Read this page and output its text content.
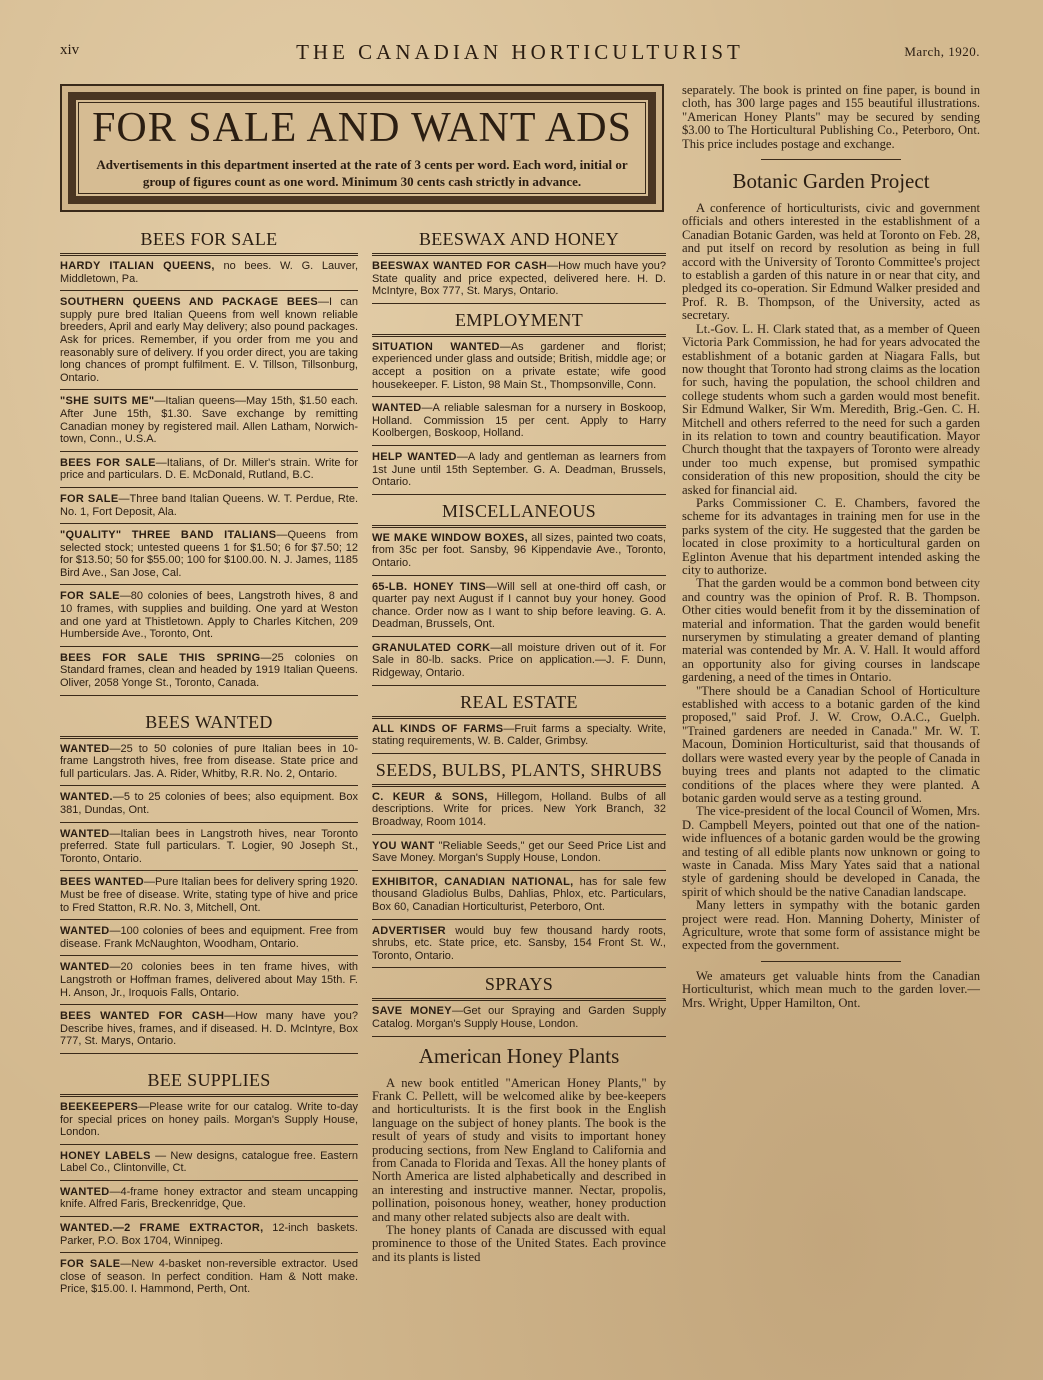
xiv	THE CANADIAN HORTICULTURIST	March, 1920.
FOR SALE AND WANT ADS
Advertisements in this department inserted at the rate of 3 cents per word. Each word, initial or group of figures count as one word. Minimum 30 cents cash strictly in advance.
BEES FOR SALE
HARDY ITALIAN QUEENS, no bees. W. G. Lauver, Middletown, Pa.
SOUTHERN QUEENS AND PACKAGE BEES—I can supply pure bred Italian Queens from well known reliable breeders, April and early May delivery; also pound packages. Ask for prices. Remember, if you order from me you and reasonably sure of delivery. If you order direct, you are taking long chances of prompt fulfilment. E. V. Tillson, Tillsonburg, Ontario.
"SHE SUITS ME"—Italian queens—May 15th, $1.50 each. After June 15th, $1.30. Save exchange by remitting Canadian money by registered mail. Allen Latham, Norwich-town, Conn., U.S.A.
BEES FOR SALE—Italians, of Dr. Miller's strain. Write for price and particulars. D. E. McDonald, Rutland, B.C.
FOR SALE—Three band Italian Queens. W. T. Perdue, Rte. No. 1, Fort Deposit, Ala.
"QUALITY" THREE BAND ITALIANS—Queens from selected stock; untested queens 1 for $1.50; 6 for $7.50; 12 for $13.50; 50 for $55.00; 100 for $100.00. N. J. James, 1185 Bird Ave., San Jose, Cal.
FOR SALE—80 colonies of bees, Langstroth hives, 8 and 10 frames, with supplies and building. One yard at Weston and one yard at Thistletown. Apply to Charles Kitchen, 209 Humberside Ave., Toronto, Ont.
BEES FOR SALE THIS SPRING—25 colonies on Standard frames, clean and headed by 1919 Italian Queens. Oliver, 2058 Yonge St., Toronto, Canada.
BEES WANTED
WANTED—25 to 50 colonies of pure Italian bees in 10-frame Langstroth hives, free from disease. State price and full particulars. Jas. A. Rider, Whitby, R.R. No. 2, Ontario.
WANTED.—5 to 25 colonies of bees; also equipment. Box 381, Dundas, Ont.
WANTED—Italian bees in Langstroth hives, near Toronto preferred. State full particulars. T. Logier, 90 Joseph St., Toronto, Ontario.
BEES WANTED—Pure Italian bees for delivery spring 1920. Must be free of disease. Write, stating type of hive and price to Fred Statton, R.R. No. 3, Mitchell, Ont.
WANTED—100 colonies of bees and equipment. Free from disease. Frank McNaughton, Woodham, Ontario.
WANTED—20 colonies bees in ten frame hives, with Langstroth or Hoffman frames, delivered about May 15th. F. H. Anson, Jr., Iroquois Falls, Ontario.
BEES WANTED FOR CASH—How many have you? Describe hives, frames, and if diseased. H. D. McIntyre, Box 777, St. Marys, Ontario.
BEE SUPPLIES
BEEKEEPERS—Please write for our catalog. Write to-day for special prices on honey pails. Morgan's Supply House, London.
HONEY LABELS — New designs, catalogue free. Eastern Label Co., Clintonville, Ct.
WANTED—4-frame honey extractor and steam uncapping knife. Alfred Faris, Breckenridge, Que.
WANTED.—2 FRAME EXTRACTOR, 12-inch baskets. Parker, P.O. Box 1704, Winnipeg.
FOR SALE—New 4-basket non-reversible extractor. Used close of season. In perfect condition. Ham & Nott make. Price, $15.00. I. Hammond, Perth, Ont.
BEESWAX AND HONEY
BEESWAX WANTED FOR CASH—How much have you? State quality and price expected, delivered here. H. D. McIntyre, Box 777, St. Marys, Ontario.
EMPLOYMENT
SITUATION WANTED—As gardener and florist; experienced under glass and outside; British, middle age; or accept a position on a private estate; wife good housekeeper. F. Liston, 98 Main St., Thompsonville, Conn.
WANTED—A reliable salesman for a nursery in Boskoop, Holland. Commission 15 per cent. Apply to Harry Koolbergen, Boskoop, Holland.
HELP WANTED—A lady and gentleman as learners from 1st June until 15th September. G. A. Deadman, Brussels, Ontario.
MISCELLANEOUS
WE MAKE WINDOW BOXES, all sizes, painted two coats, from 35c per foot. Sansby, 96 Kippendavie Ave., Toronto, Ontario.
65-LB. HONEY TINS—Will sell at one-third off cash, or quarter pay next August if I cannot buy your honey. Good chance. Order now as I want to ship before leaving. G. A. Deadman, Brussels, Ont.
GRANULATED CORK—all moisture driven out of it. For Sale in 80-lb. sacks. Price on application.—J. F. Dunn, Ridgeway, Ontario.
REAL ESTATE
ALL KINDS OF FARMS—Fruit farms a specialty. Write, stating requirements, W. B. Calder, Grimbsy.
SEEDS, BULBS, PLANTS, SHRUBS
C. KEUR & SONS, Hillegom, Holland. Bulbs of all descriptions. Write for prices. New York Branch, 32 Broadway, Room 1014.
YOU WANT "Reliable Seeds," get our Seed Price List and Save Money. Morgan's Supply House, London.
EXHIBITOR, CANADIAN NATIONAL, has for sale few thousand Gladiolus Bulbs, Dahlias, Phlox, etc. Particulars, Box 60, Canadian Horticulturist, Peterboro, Ont.
ADVERTISER would buy few thousand hardy roots, shrubs, etc. State price, etc. Sansby, 154 Front St. W., Toronto, Ontario.
SPRAYS
SAVE MONEY—Get our Spraying and Garden Supply Catalog. Morgan's Supply House, London.
American Honey Plants

A new book entitled "American Honey Plants," by Frank C. Pellett, will be welcomed alike by bee-keepers and horticulturists. It is the first book in the English language on the subject of honey plants. The book is the result of years of study and visits to important honey producing sections, from New England to California and from Canada to Florida and Texas. All the honey plants of North America are listed alphabetically and described in an interesting and instructive manner. Nectar, propolis, pollination, poisonous honey, weather, honey production and many other related subjects also are dealt with.

The honey plants of Canada are discussed with equal prominence to those of the United States. Each province and its plants is listed

separately. The book is printed on fine paper, is bound in cloth, has 300 large pages and 155 beautiful illustrations. "American Honey Plants" may be secured by sending $3.00 to The Horticultural Publishing Co., Peterboro, Ont. This price includes postage and exchange.

Botanic Garden Project

A conference of horticulturists, civic and government officials and others interested in the establishment of a Canadian Botanic Garden, was held at Toronto on Feb. 28, and put itself on record by resolution as being in full accord with the University of Toronto Committee's project to establish a garden of this nature in or near that city, and pledged its co-operation. Sir Edmund Walker presided and Prof. R. B. Thompson, of the University, acted as secretary.

Lt.-Gov. L. H. Clark stated that, as a member of Queen Victoria Park Commission, he had for years advocated the establishment of a botanic garden at Niagara Falls, but now thought that Toronto had strong claims as the location for such, having the population, the school children and college students whom such a garden would most benefit. Sir Edmund Walker, Sir Wm. Meredith, Brig.-Gen. C. H. Mitchell and others referred to the need for such a garden in its relation to town and country beautification. Mayor Church thought that the taxpayers of Toronto were already under too much expense, but promised sympathic consideration of this new proposition, should the city be asked for financial aid.

Parks Commissioner C. E. Chambers, favored the scheme for its advantages in training men for use in the parks system of the city. He suggested that the garden be located in close proximity to a horticultural garden on Eglinton Avenue that his department intended asking the city to authorize.

That the garden would be a common bond between city and country was the opinion of Prof. R. B. Thompson. Other cities would benefit from it by the dissemination of material and information. That the garden would benefit nurserymen by stimulating a greater demand of planting material was contended by Mr. A. V. Hall. It would afford an opportunity also for giving courses in landscape gardening, a need of the times in Ontario.

"There should be a Canadian School of Horticulture established with access to a botanic garden of the kind proposed," said Prof. J. W. Crow, O.A.C., Guelph. "Trained gardeners are needed in Canada." Mr. W. T. Macoun, Dominion Horticulturist, said that thousands of dollars were wasted every year by the people of Canada in buying trees and plants not adapted to the climatic conditions of the places where they were planted. A botanic garden would serve as a testing ground.

The vice-president of the local Council of Women, Mrs. D. Campbell Meyers, pointed out that one of the nation-wide influences of a botanic garden would be the growing and testing of all edible plants now unknown or going to waste in Canada. Miss Mary Yates said that a national style of gardening should be developed in Canada, the spirit of which should be the native Canadian landscape.

Many letters in sympathy with the botanic garden project were read. Hon. Manning Doherty, Minister of Agriculture, wrote that some form of assistance might be expected from the government.

We amateurs get valuable hints from the Canadian Horticulturist, which mean much to the garden lover.—Mrs. Wright, Upper Hamilton, Ont.
